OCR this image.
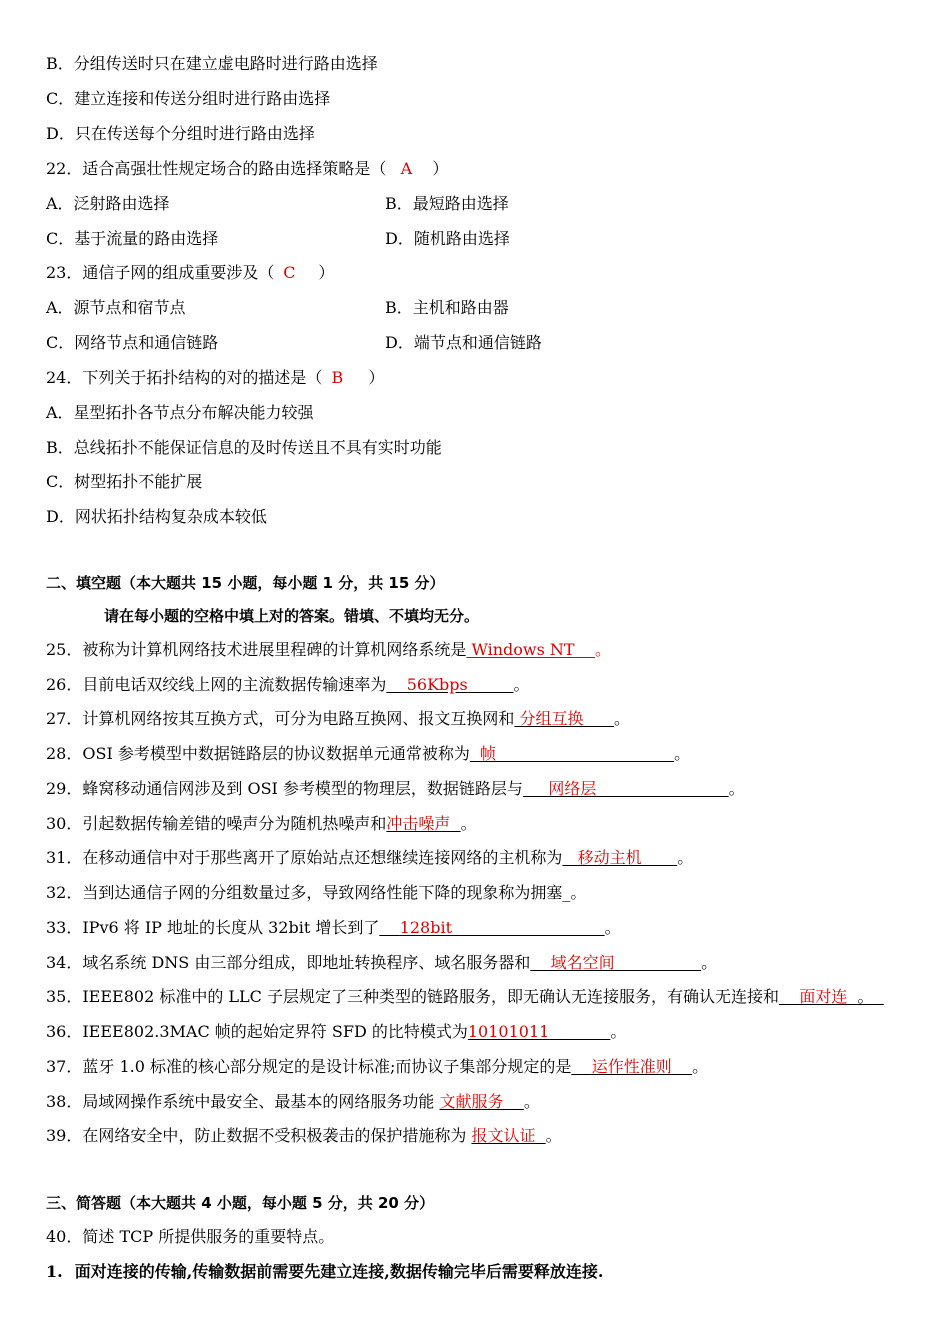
B．分组传送时只在建立虚电路时进行路由选择
C．建立连接和传送分组时进行路由选择
D．只在传送每个分组时进行路由选择
22．适合高强壮性规定场合的路由选择策略是（ A ）
A．泛射路由选择	B．最短路由选择
C．基于流量的路由选择	D．随机路由选择
23．通信子网的组成重要涉及（ C ）
A．源节点和宿节点	B．主机和路由器
C．网络节点和通信链路	D．端节点和通信链路
24．下列关于拓扑结构的对的描述是（ B ）
A．星型拓扑各节点分布解决能力较强
B．总线拓扑不能保证信息的及时传送且不具有实时功能
C．树型拓扑不能扩展
D．网状拓扑结构复杂成本较低
二、填空题（本大题共 15 小题，每小题 1 分，共 15 分）
请在每小题的空格中填上对的答案。错填、不填均无分。
25．被称为计算机网络技术进展里程碑的计算机网络系统是 Windows NT 。
26．目前电话双绞线上网的主流数据传输速率为 56Kbps	。
27．计算机网络按其互换方式，可分为电路互换网、报文互换网和 分组互换 。
28．OSI 参考模型中数据链路层的协议数据单元通常被称为 帧	。
29．蜂窝移动通信网涉及到 OSI 参考模型的物理层，数据链路层与 网络层	。
30．引起数据传输差错的噪声分为随机热噪声和冲击噪声 。
31．在移动通信中对于那些离开了原始站点还想继续连接网络的主机称为 移动主机 。
32．当到达通信子网的分组数量过多，导致网络性能下降的现象称为拥塞_。
33．IPv6 将 IP 地址的长度从 32bit 增长到了 128bit	。
34．域名系统 DNS 由三部分组成，即地址转换程序、域名服务器和 域名空间	。
35．IEEE802 标准中的 LLC 子层规定了三种类型的链路服务，即无确认无连接服务，有确认无连接和 面对连 。
36．IEEE802.3MAC 帧的起始定界符 SFD 的比特模式为10101011	。
37．蓝牙 1.0 标准的核心部分规定的是设计标准;而协议子集部分规定的是 运作性准则 。
38．局域网操作系统中最安全、最基本的网络服务功能 文献服务 。
39．在网络安全中，防止数据不受积极袭击的保护措施称为 报文认证 。
三、简答题（本大题共 4 小题，每小题 5 分，共 20 分）
40．简述 TCP 所提供服务的重要特点。
1. 面对连接的传输,传输数据前需要先建立连接,数据传输完毕后需要释放连接.
